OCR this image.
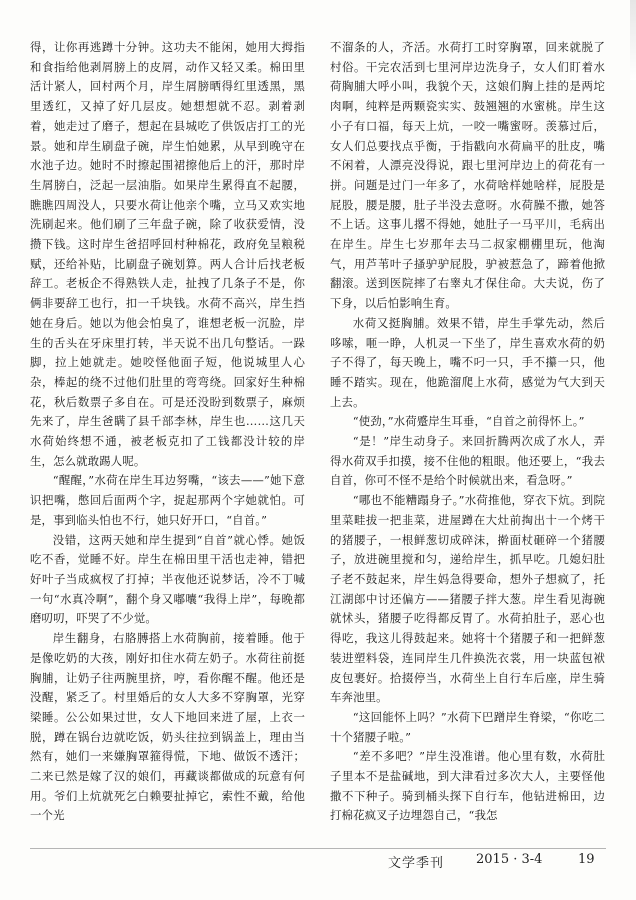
得，让你再逃蹲十分钟。这功夫不能闲，她用大拇指和食指给他剥屑膀上的皮屑，动作又轻又柔。棉田里活计紧人，回村两个月，岸生屑膀晒得红里透黑，黑里透红，又掉了好几层皮。她想想就不忍。剥着剥着，她走过了磨子，想起在县城吃了供饭店打工的光景。她和岸生刷盘子碗，岸生怕她累，从早到晚守在水池子边。她时不时擦起围裙擦他后上的汗，那时岸生屑膀白，泛起一层油脂。如果岸生累得直不起腰，瞧瞧四周没人，只要水荷让他亲个嘴，立马又欢实地洗刷起来。他们刷了三年盘子碗，除了收获爱情，没攒下钱。这时岸生爸招呼回村种棉花，政府免呈粮税赋，还给补贴，比刷盘子碗划算。两人合计后找老板辞工。老板企不得熟铁人走，扯拽了几条子不是，你俩非要辞工也行，扣一千块钱。水荷不高兴，岸生挡她在身后。她以为他会怕臭了，谁想老板一沉脸，岸生的舌头在牙床里打转，半天说不出几句整话。一跺脚，拉上她就走。她咬怪他面子短，他说城里人心杂，棒起的绕不过他们肚里的弯弯绕。回家好生种棉花，秋后数票子多自在。可是还没盼到数票子，麻烦先来了，岸生爸瞒了县千部李林，岸生也……这几天水荷始终想不通，被老板克扣了工钱都没计较的岸生，怎么就敢踢人呢。

“醒醒，”水荷在岸生耳边努嘴，“该去——”她下意识把嘴，憋回后面两个字，捉起那两个字她就怕。可是，事到临头怕也不行，她只好开口，“自首。”

没错，这两天她和岸生提到“自首”就心悸。她饭吃不香，觉睡不好。岸生在棉田里干活也走神，错把好叶子当成疯杈了打掉；半夜他还说梦话，冷不丁喊一句“水真冷啊”，翻个身又嘟囔“我得上岸”，每晚都磨叨叨，吓哭了不少觉。

岸生翻身，右胳膊搭上水荷胸前，接着睡。他于是像吃奶的大孩，刚好扣住水荷左奶子。水荷往前挺胸脯，让奶子往两腕里挤，哼，看你醒不醒。他还是没醒，紧乏了。村里婚后的女人大多不穿胸罩，光穿梁睡。公公如果过世，女人下地回来进了屋，上衣一脱，蹲在锅台边就吃饭，奶头往拉到锅盖上，理由当然有，她们一来嫌胸罩箍得慌，下地、做饭不透汗；二来已然是嫁了汉的娘们，再藏谈都做成的玩意有何用。爷们上炕就死乞白赖要扯掉它，索性不戴，给他一个光

不溜条的人，齐活。水荷打工时穿胸罩，回来就脱了村俗。干完农活到七里河岸边洗身子，女人们盯着水荷胸脯大呼小叫，我貌个天，这娘们胸上挂的是两坨肉啊，纯粹是两颗瓷实实、鼓翘翘的水蜜桃。岸生这小子有口福，每天上炕，一咬一嘴蜜呀。羡慕过后，女人们总要找点乎衡，于指戳向水荷扁平的肚皮，嘴不闲着，人漂亮没得说，跟七里河岸边上的荷花有一拼。问题是过门一年多了，水荷啥样她啥样，屁股是屁股，腰是腰，肚子半没去意呀。水荷臊不撒，她答不上话。这事儿撂不得她，她肚子一马平川，毛病出在岸生。岸生七岁那年去马二叔家棚棚里玩，他淘气，用芦苇叶子搔驴驴屁股，驴被惹急了，蹄着他掀翻滚。送到医院摔了右睾丸才保住命。大夫说，伤了下身，以后怕影响生育。

水荷又挺胸脯。效果不错，岸生手掌先动，然后哆嗦，咂一睁，人机灵一下坐了，岸生喜欢水荷的奶子不得了，每天晚上，嘴不叼一只，手不攥一只，他睡不踏实。现在，他跪溜爬上水荷，感觉为气大到天上去。

“使劲，”水荷蹙岸生耳垂，“自首之前得怀上。”

“是！”岸生动身子。来回折腾两次成了水人，弄得水荷双手扣摸，接不住他的粗眼。他还要上，“我去自首，你可不怪不是给个时候就出来，看急呀。”

“哪也不能糟蹋身子。”水荷推他，穿衣下炕。到院里菜畦拔一把韭菜，进屋蹲在大灶前掏出十一个烤干的猪腰子，一根鲜葱切成碎沫，擀面杖砸碎一个猪腰子，放进碗里搅和匀，递给岸生，抓早吃。几媳妇肚子老不鼓起来，岸生妈急得要命，想外子想疯了，托江湖郎中讨还偏方——猪腰子拌大葱。岸生看见海碗就怵头，猪腰子吃得都反胃了。水荷拍肚子，恶心也得吃，我这儿得鼓起来。她将十个猪腰子和一把鲜葱装进塑料袋，连同岸生几件换洗衣裳，用一块蓝包袱皮包裹好。拾掇停当，水荷坐上自行车后座，岸生骑车奔池里。

“这回能怀上吗？”水荷下巴蹭岸生脊梁，“你吃二十个猪腰子啦。”

“差不多吧？”岸生没准谱。他心里有数，水荷肚子里本不是盐碱地，到大津看过多次大人，主要怪他撒不下种子。骑到桶头探下自行车，他钻进棉田，边打棉花疯叉子边埋怨自己，“我怎

文学季刊 2015 · 3-4	19
